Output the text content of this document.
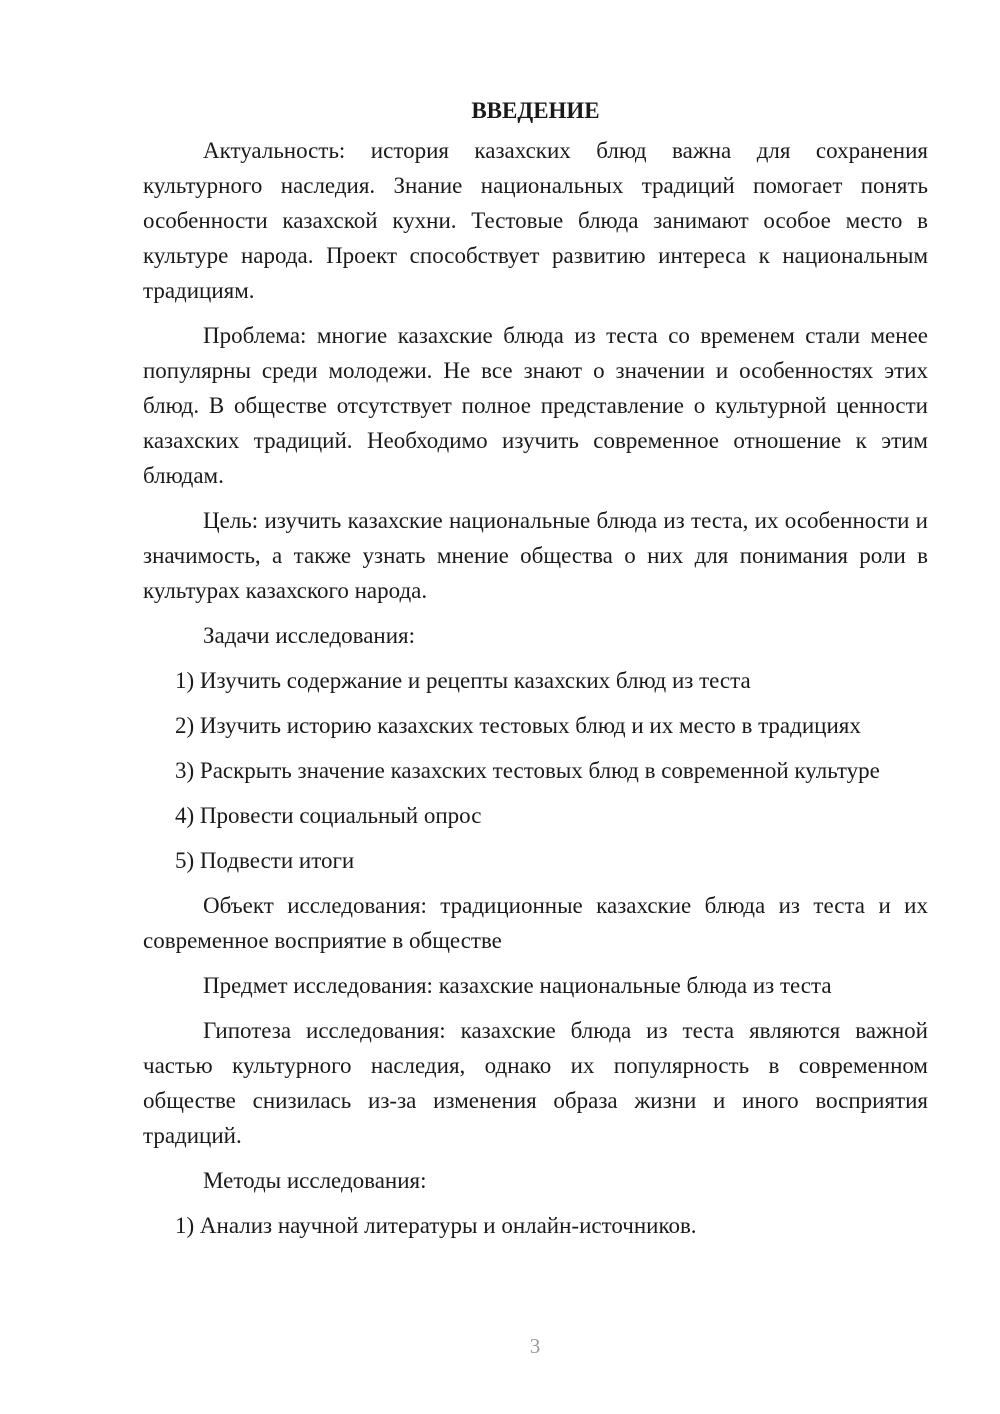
ВВЕДЕНИЕ

Актуальность: история казахских блюд важна для сохранения культурного наследия. Знание национальных традиций помогает понять особенности казахской кухни. Тестовые блюда занимают особое место в культуре народа. Проект способствует развитию интереса к национальным традициям.

Проблема: многие казахские блюда из теста со временем стали менее популярны среди молодежи. Не все знают о значении и особенностях этих блюд. В обществе отсутствует полное представление о культурной ценности казахских традиций. Необходимо изучить современное отношение к этим блюдам.

Цель: изучить казахские национальные блюда из теста, их особенности и значимость, а также узнать мнение общества о них для понимания роли в культурах казахского народа.

Задачи исследования:

1) Изучить содержание и рецепты казахских блюд из теста

2) Изучить историю казахских тестовых блюд и их место в традициях

3) Раскрыть значение казахских тестовых блюд в современной культуре

4) Провести социальный опрос

5) Подвести итоги

Объект исследования: традиционные казахские блюда из теста и их современное восприятие в обществе

Предмет исследования: казахские национальные блюда из теста

Гипотеза исследования: казахские блюда из теста являются важной частью культурного наследия, однако их популярность в современном обществе снизилась из-за изменения образа жизни и иного восприятия традиций.

Методы исследования:

1) Анализ научной литературы и онлайн-источников.

3
